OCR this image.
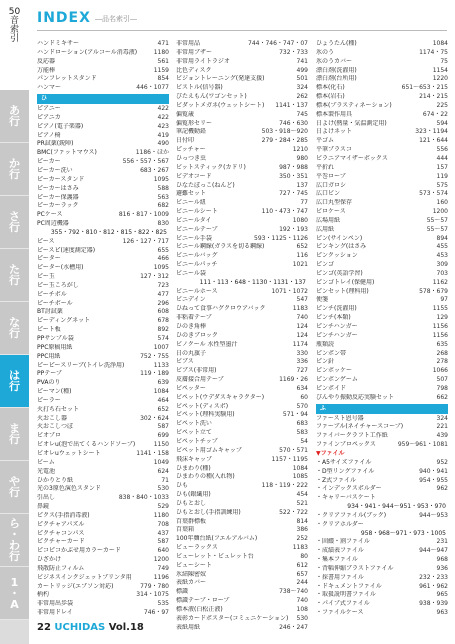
50
音
索
引
あ
行
か
行
さ
行
た
行
な
行
は
行
ま
行
や
行
ら
・
わ
行
1
・
A
INDEX ―品名索引―
ハンドミキサー	471
ハンドローション(アルコール消毒液)	1180
反応器	561
万能棒	1159
パンフレットスタンド	854
ハンマー	446・1077
ひ
ピアニー	422
ピアニカ	422
ピアノ(電子楽器)	423
ピアノ椅	419
PR試薬(鋭陣)	490
BMC(ファットマウス)	1186・ほか
ピーカー	556・557・567
ピーカー洗い	683・267
ピーカースタンド	1095
ピーカーはさみ	588
ピーカー保護器	563
ピーカーラック	682
PCケース	816・817・1009
PC周辺機器	830
355・792・810・812・815・822・825
ピース	126・127・717
ピースピ(速度測定器)	655
ピーター	466
ピーター(水槽用)	1095
ピー玉	127・312
ピー玉ころがし	723
ピーチボル	477
ピーチボール	296
BT討試薬	608
ピーディングネット	678
ピート板	892
PPサンプル袋	574
PPC原稿用紙	1007
PPC用紙	752・755
ピーピースリーブ(トイレ洗浄用)	1133
PPテープ	119・189
PVAのり	639
ピーマン(種)	1084
ピーラー	464
火打ち石セット	652
火おこし器	302・624
火おこしつぼ	587
ビオプロ	699
ビオレu(泡で出てくるハンドソープ)	1150
ビオレuウェットシート	1141・158
ビーム	1049
光電池	624
ひかりとり紙	71
光の3原色演色スタンド	530
引出し	838・840・1033
鼻鏡	529
ピクス(手指消毒液)	1180
ピクチャアパズル	708
ピクチャコンパス	437
ピクチャーカード	587
ピコピコかぶせ用カラーカード	640
ひざかけ	1200
飛散防止フィルム	749
ビジネスインクジェットプリンタ用	1196
カートリッジ(エプソン対応)	779・780
柄杓	314・1075
非常用出歩袋	535
非常用ドレイ	746・97
非常用品	744・746・747・07
非常用ブザー	732・733
非常用ライトラジオ	741
比色ディスク	499
ビジョントレーニング(発達支援)	501
ビストル(信号器)	324
びたえもん(ワゴンセット)	262
ビダットメガネ(ウェットシート)	1141・137
偏覧歳	745
偏覧形セリー	746・630
筆記機動鉛	503・918〜920
日付印	279・284・285
ピッチャー	1210
ひっつき虫	980
ビットスティック(カドリ)	987・988
ビデオコード	350・351
ひなたぼっこ(ねんど)	137
避難セット	727・745
ビニール紐	77
ビニールシート	110・473・747
ビニールタイ	1080
ビニールテープ	192・193
ビニール手袋	593・1125・1126
ビニール鋼線(ガラスを切る鋼線)	652
ビニールバッグ	116
ビニールパッチ	1021
ビニール袋
111・113・648・1130・1131・137
ビニールホース	1071・1072
ビニデイン	547
ひねって食事ハグクロウアバック	1183
非粘着テープ	740
ひのき角棒	124
ひのきブロック	124
ビノクール 水性型墨汁	1174
日の丸旗子	330
ビブス	336
ビブス(非常用)	727
皮膚接合用テープ	1169・26
ビペッター	634
ビペット(ウデダスキャラクター)	60
ビペット(ディスポ)	570
ビペット(理科実験用)	571・94
ビペット洗い	683
ビペット立て	583
ビペットチップ	54
ビペット用ゴムキャップ	570・571
飛沫キャップ	1157・1195
ひまわり(種)	1084
ひまわりの種(入れ物)	1085
ひも	118・119・222
ひも(銀繊用)	454
ひもとおし	521
ひもとおし(手指訓練用)	522・722
百葉群標板	814
百葉箱	386
100年麺台紙(フエルアルバム)	252
ビューラックス	1183
ビューレット・ビュレット台	80
ビューシート	612
氷結陳密奴	657
表紙カバー	244
標識	738〜740
標識テープ・ロープ	740
標本液(白松正液)	108
表彰カードポスター(コミュニケーション)	530
表紙用紙	246・247
ひょうたん(種)	1084
氷のう	1174・75
氷のうカバー	75
漂白剤(洗濯用)	1154
漂白剤(台所用)	1220
標本(化石)	651〜653・215
標本(岩石)	214・215
標本(プラスティネーション)	225
標本製作用具	674・22
日よけ(熱量・気温測定用)	594
日よけネット	323・1194
平ゴム	121・644
平筆プラスコ	556
ビラニアマイザーボックス	444
平折れ	157
平巻ロープ	119
広口ガロシ	575
広口ビン	573・574
広口丸型保存	160
ビロケース	1200
広場用紙	55〜57
広用紙	55〜57
ピン(サインペン)	894
ピンキング(はさみ	455
ピンクッション	453
ピンゴ	309
ピンゴ(英語学習)	703
ピンゴトレイ(保健用)	1162
ピンセット(理科用)	578・679
便箋	97
ピンチ(洗濯用)	1155
ピンチ(本類)	129
ピンチハンガー	1156
ピンチハンガー	1156
瓶類読	635
ピンポン帯	268
ピン針	278
ピンボッケー	1066
ピンボンゲーム	507
ピンポイド	798
びんやり振動反応実験セット	662
ふ
ファースト恩号器	324
ファーブル(ネイチャースコープ)	221
ファイバークラフト工作紙	439
ファインプロペックス	959〜961・1081
▼ファイル
・A5サイズファイル	952
・D型リングファイル	940・941
・Z式ファイル	954・955
・インデックスポルダー	962
・キャリーバスケート
934・941・944〜951・953・970
・クリアファイル(ブック)	944〜953
・クリアホルダー
958・968〜971・973・1005
・固綴・割ファイル	231
・成績表ファイル	944〜947
・集本ファイル	968
・背幅伸縮ブラストファイル	936
・採書用ファイル	232・233
・ドキュメントファイル	961・962
・取扱説明書ファイル	965
・パイプ式ファイル	938・939
・ファイルケース	963
22 UCHIDAS Vol.18
